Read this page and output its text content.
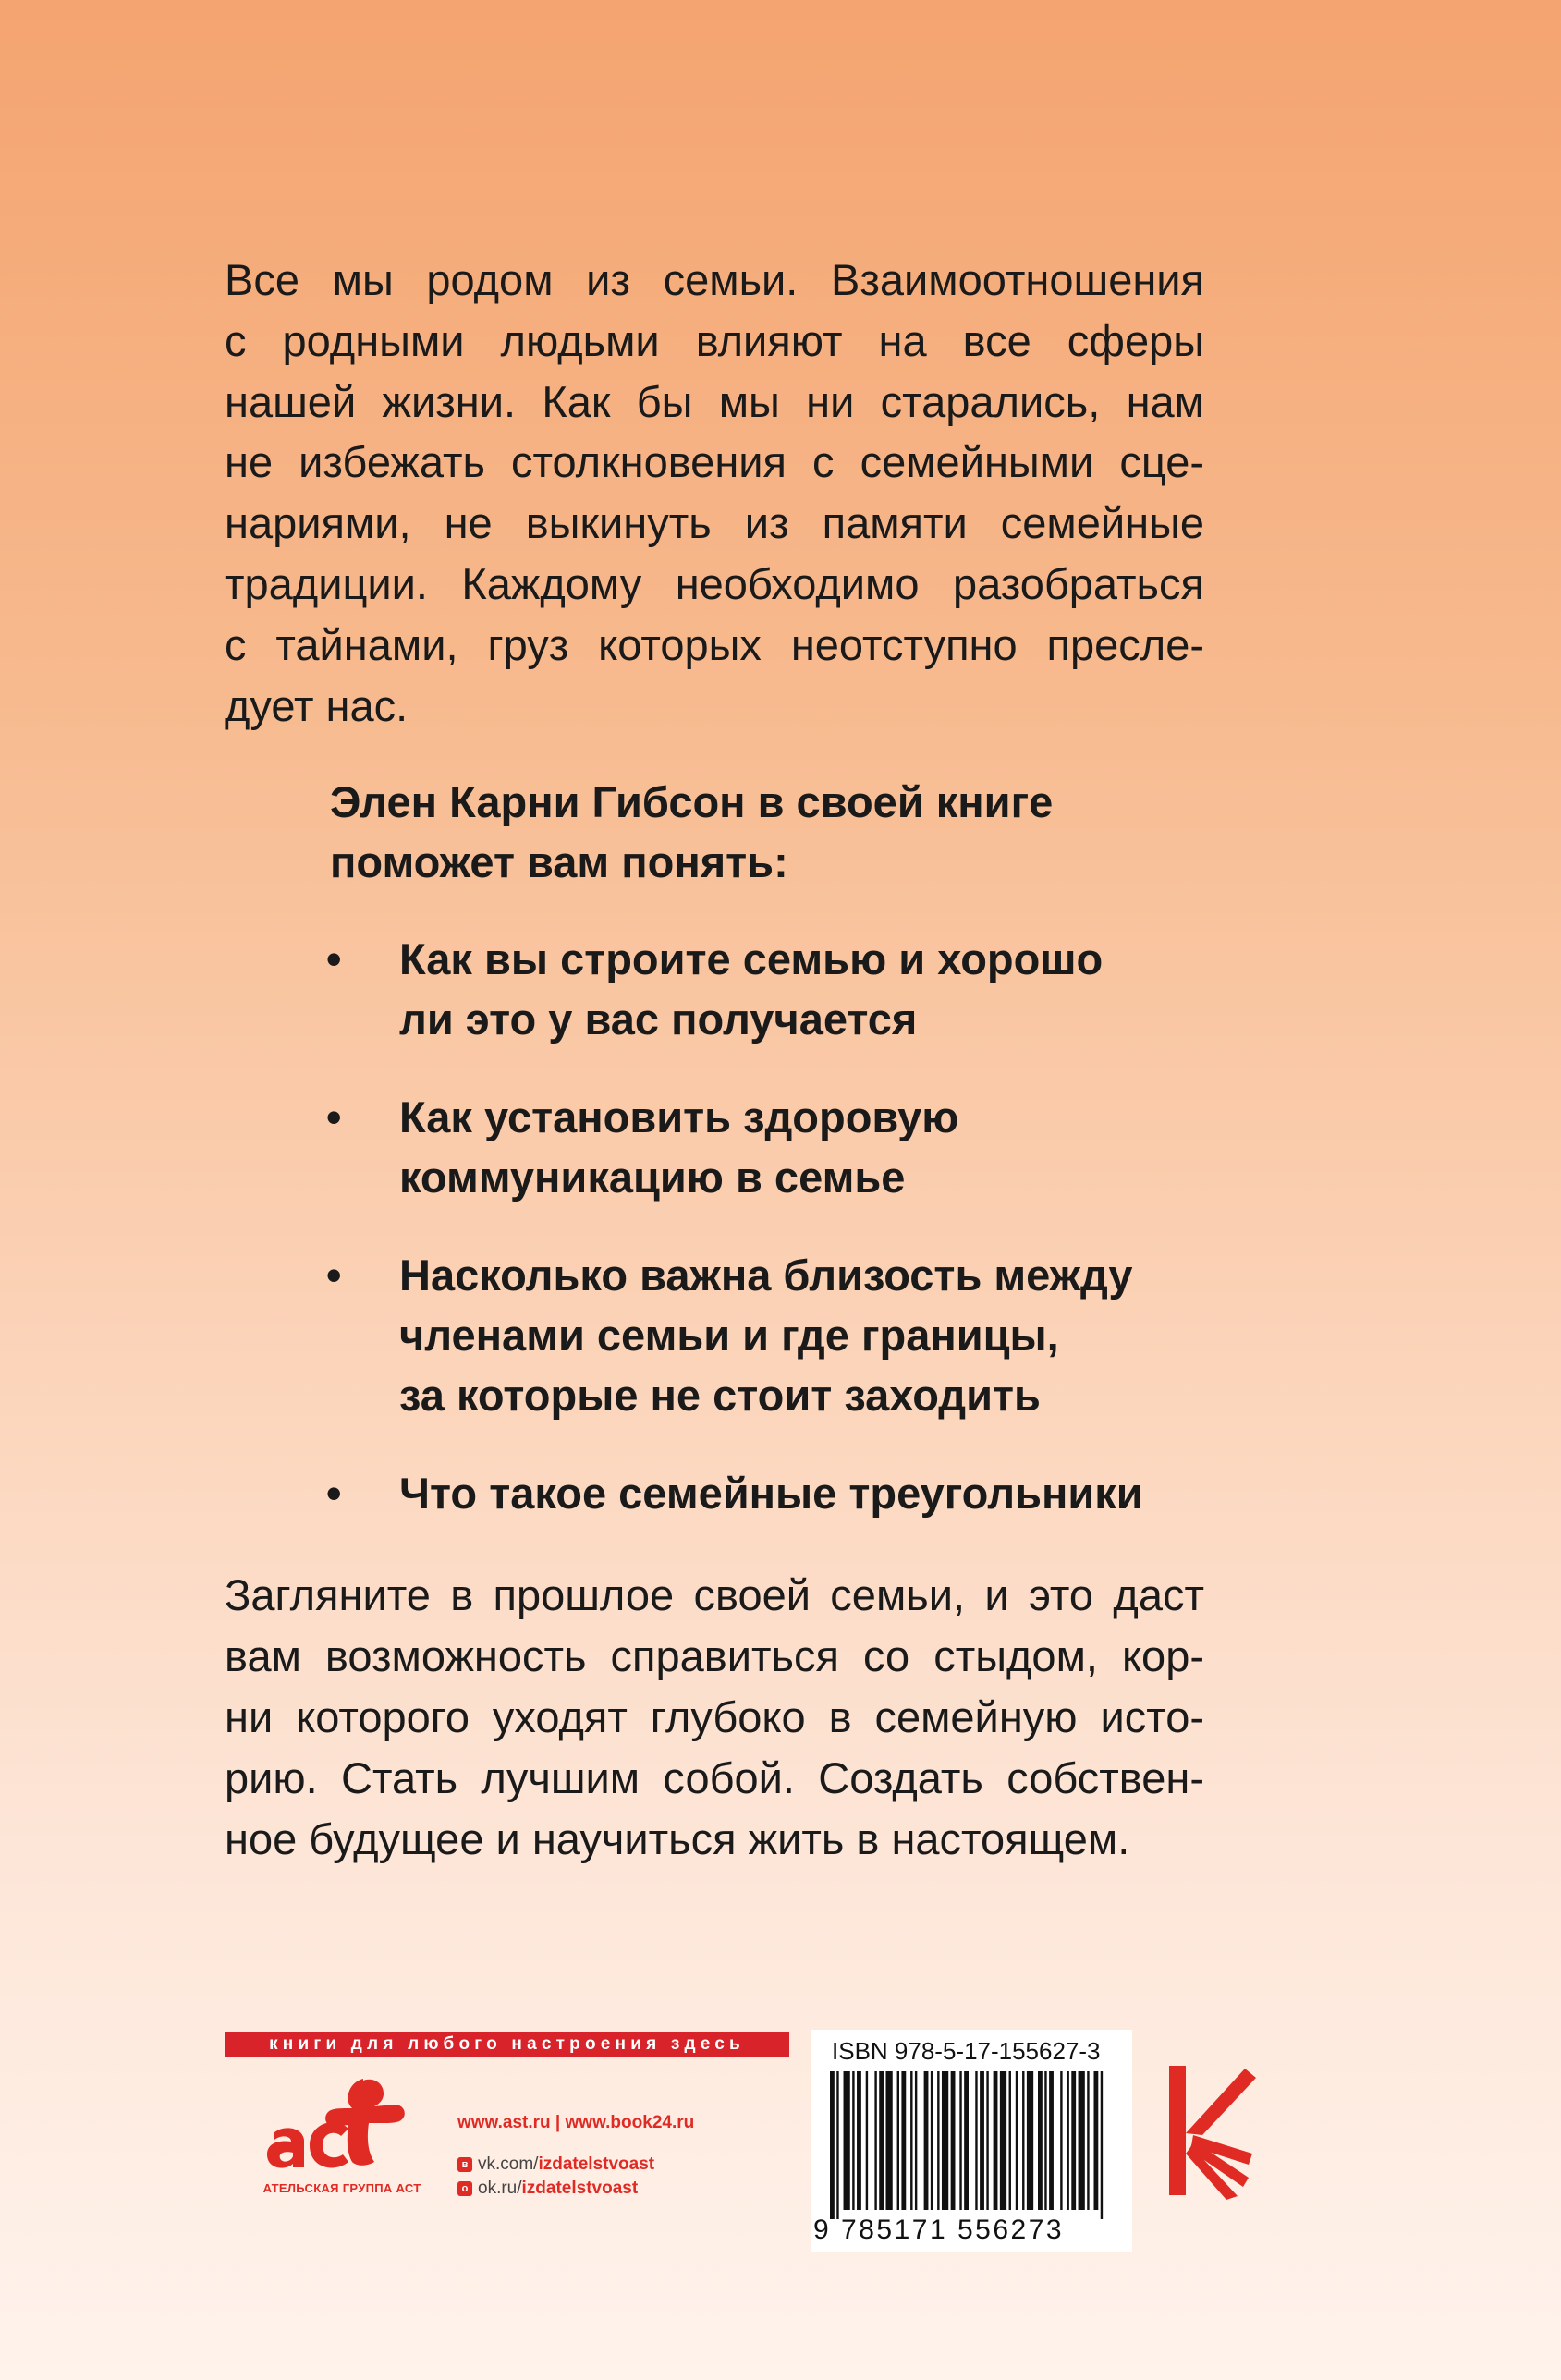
Все мы родом из семьи. Взаимоотношения
с родными людьми влияют на все сферы
нашей жизни. Как бы мы ни старались, нам
не избежать столкновения с семейными сце-
нариями, не выкинуть из памяти семейные
традиции. Каждому необходимо разобраться
с тайнами, груз которых неотступно пресле-
дует нас.
Элен Карни Гибсон в своей книге
поможет вам понять:
• Как вы строите семью и хорошо
ли это у вас получается
• Как установить здоровую
коммуникацию в семье
• Насколько важна близость между
членами семьи и где границы,
за которые не стоит заходить
• Что такое семейные треугольники
Загляните в прошлое своей семьи, и это даст
вам возможность справиться со стыдом, кор-
ни которого уходят глубоко в семейную исто-
рию. Стать лучшим собой. Создать собствен-
ное будущее и научиться жить в настоящем.
книги для любого настроения здесь
АТЕЛЬСКАЯ ГРУППА АСТ
www.ast.ru | www.book24.ru
в vk.com/ izdatelstvoast
о ok.ru/ izdatelstvoast
ISBN 978-5-17-155627-3
9 785171 556273
